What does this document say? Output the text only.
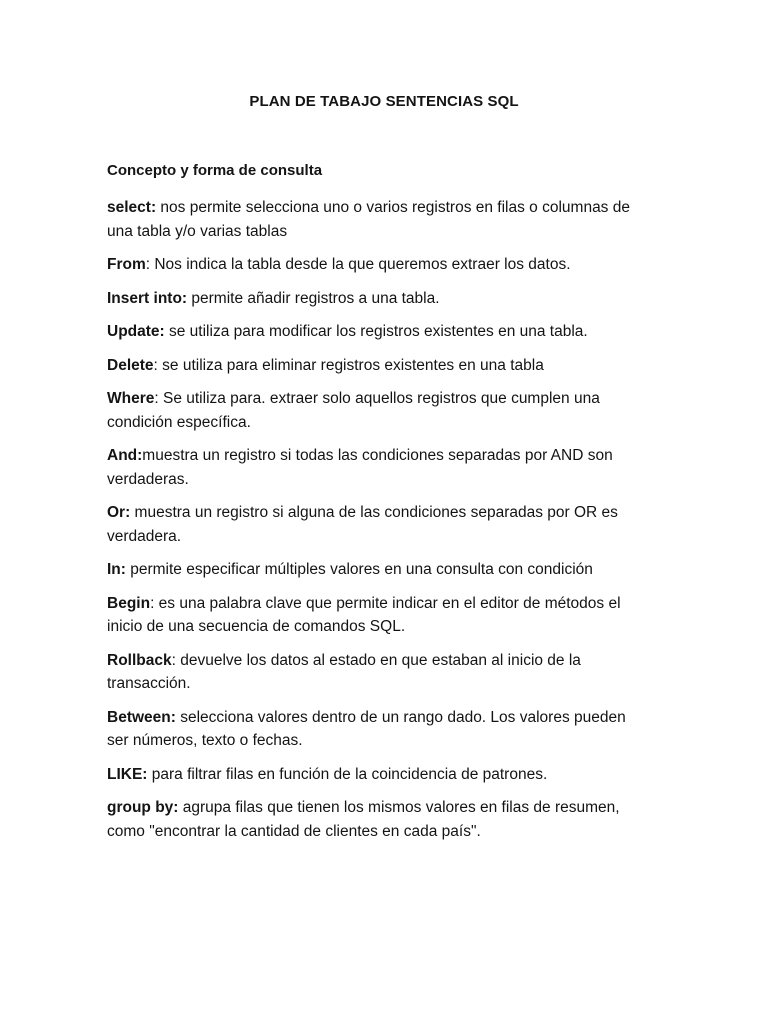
PLAN DE TABAJO SENTENCIAS SQL
Concepto y forma de consulta

select: nos permite selecciona uno o varios registros en filas o columnas de una tabla y/o varias tablas

From: Nos indica la tabla desde la que queremos extraer los datos.

Insert into: permite añadir registros a una tabla.

Update: se utiliza para modificar los registros existentes en una tabla.

Delete: se utiliza para eliminar registros existentes en una tabla

Where: Se utiliza para. extraer solo aquellos registros que cumplen una condición específica.

And:muestra un registro si todas las condiciones separadas por AND son verdaderas.

Or: muestra un registro si alguna de las condiciones separadas por OR es verdadera.

In: permite especificar múltiples valores en una consulta con condición

Begin: es una palabra clave que permite indicar en el editor de métodos el inicio de una secuencia de comandos SQL.

Rollback: devuelve los datos al estado en que estaban al inicio de la transacción.

Between: selecciona valores dentro de un rango dado. Los valores pueden ser números, texto o fechas.

LIKE: para filtrar filas en función de la coincidencia de patrones.

group by: agrupa filas que tienen los mismos valores en filas de resumen, como "encontrar la cantidad de clientes en cada país".
